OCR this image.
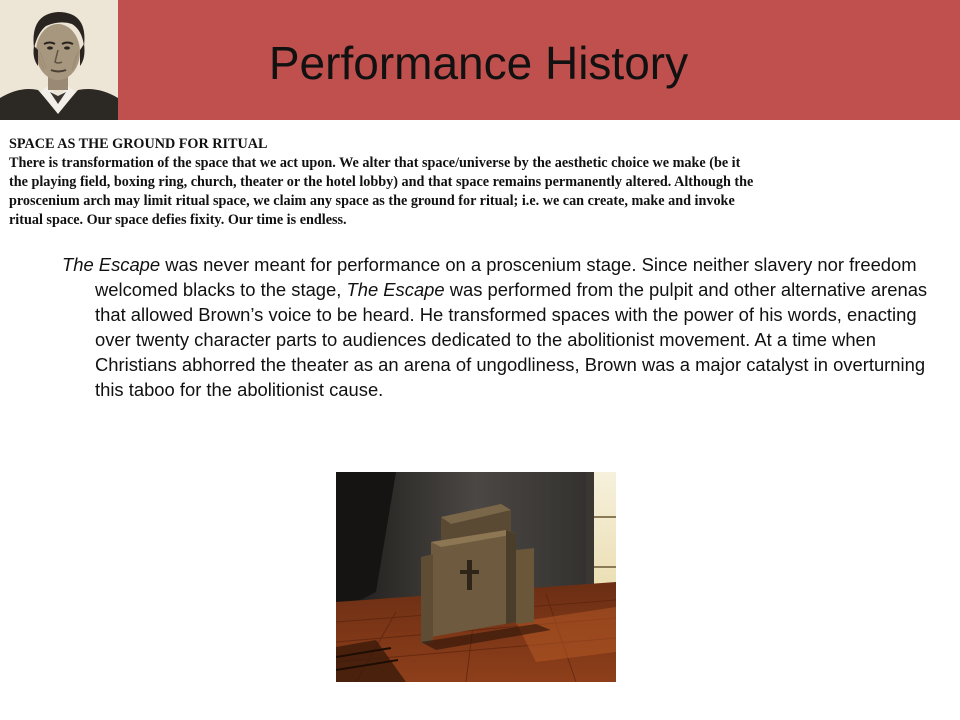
Performance History
SPACE AS THE GROUND FOR RITUAL
There is transformation of the space that we act upon. We alter that space/universe by the aesthetic choice we make (be it
the playing field, boxing ring, church, theater or the hotel lobby) and that space remains permanently altered. Although the
proscenium arch may limit ritual space, we claim any space as the ground for ritual; i.e. we can create, make and invoke
ritual space. Our space defies fixity. Our time is endless.

The Escape was never meant for performance on a proscenium stage. Since neither slavery nor freedom welcomed blacks to the stage, The Escape was performed from the pulpit and other alternative arenas that allowed Brown’s voice to be heard. He transformed spaces with the power of his words, enacting over twenty character parts to audiences dedicated to the abolitionist movement. At a time when Christians abhorred the theater as an arena of ungodliness, Brown was a major catalyst in overturning this taboo for the abolitionist cause.
